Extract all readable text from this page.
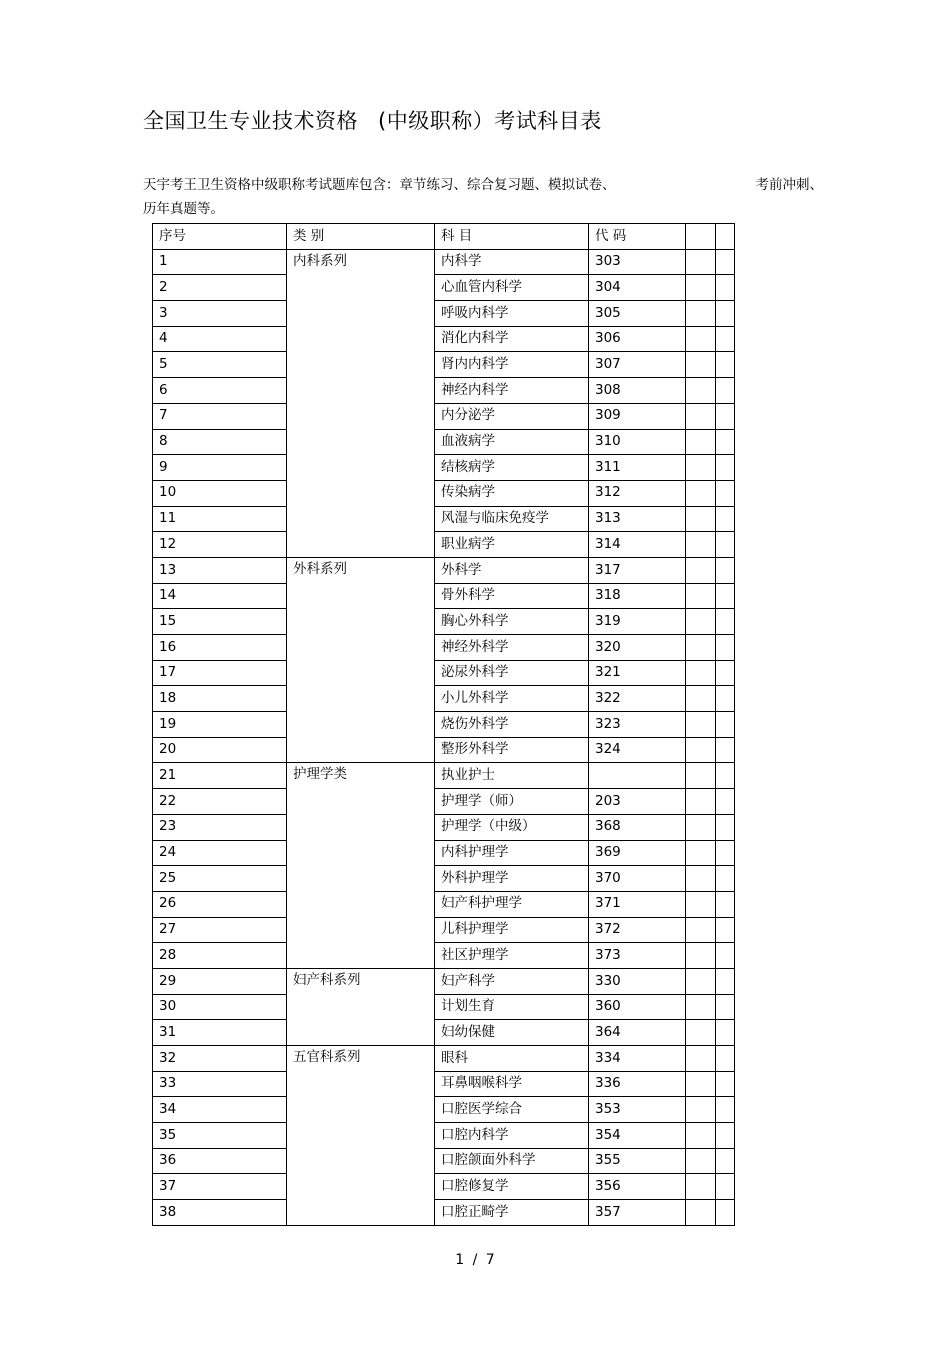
全国卫生专业技术资格 (中级职称）考试科目表
天宇考王卫生资格中级职称考试题库包含：章节练习、综合复习题、模拟试卷、	考前冲刺、
历年真题等。
序号	类 别	科 目	代 码		
1	内科系列	内科学	303		
2		心血管内科学	304		
3		呼吸内科学	305		
4		消化内科学	306		
5		肾内内科学	307		
6		神经内科学	308		
7		内分泌学	309		
8		血液病学	310		
9		结核病学	311		
10		传染病学	312		
11		风湿与临床免疫学	313		
12		职业病学	314		
13	外科系列	外科学	317		
14		骨外科学	318		
15		胸心外科学	319		
16		神经外科学	320		
17		泌尿外科学	321		
18		小儿外科学	322		
19		烧伤外科学	323		
20		整形外科学	324		
21	护理学类	执业护士			
22		护理学（师）	203		
23		护理学（中级）	368		
24		内科护理学	369		
25		外科护理学	370		
26		妇产科护理学	371		
27		儿科护理学	372		
28		社区护理学	373		
29	妇产科系列	妇产科学	330		
30		计划生育	360		
31		妇幼保健	364		
32	五官科系列	眼科	334		
33		耳鼻咽喉科学	336		
34		口腔医学综合	353		
35		口腔内科学	354		
36		口腔颌面外科学	355		
37		口腔修复学	356		
38		口腔正畸学	357		
1 / 7
